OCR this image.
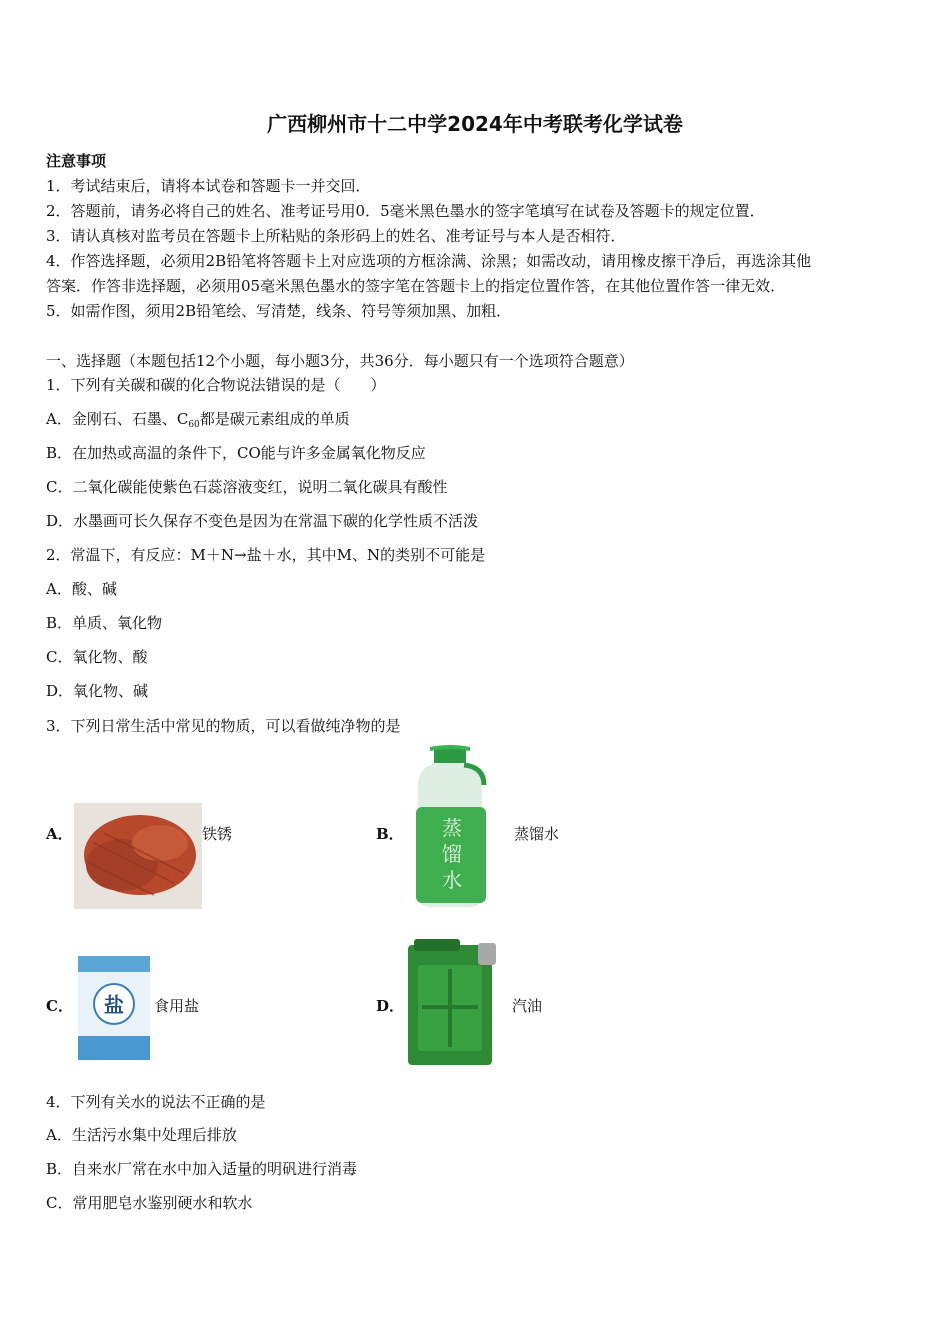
广西柳州市十二中学2024年中考联考化学试卷
注意事项
1．考试结束后，请将本试卷和答题卡一并交回．
2．答题前，请务必将自己的姓名、准考证号用0．5毫米黑色墨水的签字笔填写在试卷及答题卡的规定位置．
3．请认真核对监考员在答题卡上所粘贴的条形码上的姓名、准考证号与本人是否相符．
4．作答选择题，必须用2B铅笔将答题卡上对应选项的方框涂满、涂黑；如需改动，请用橡皮擦干净后，再选涂其他
答案．作答非选择题，必须用05毫米黑色墨水的签字笔在答题卡上的指定位置作答，在其他位置作答一律无效．
5．如需作图，须用2B铅笔绘、写清楚，线条、符号等须加黑、加粗．
一、选择题（本题包括12个小题，每小题3分，共36分．每小题只有一个选项符合题意）
1．下列有关碳和碳的化合物说法错误的是（　　）
A．金刚石、石墨、$C_{60}$都是碳元素组成的单质
B．在加热或高温的条件下，CO能与许多金属氧化物反应
C．二氧化碳能使紫色石蕊溶液变红，说明二氧化碳具有酸性
D．水墨画可长久保存不变色是因为在常温下碳的化学性质不活泼
2．常温下，有反应：M＋N→盐＋水，其中M、N的类别不可能是
A．酸、碱
B．单质、氧化物
C．氧化物、酸
D．氧化物、碱
3．下列日常生活中常见的物质，可以看做纯净物的是
A．	铁锈	B． 蒸
馏
水
蒸馏水
C． 盐 食用盐	D．	汽油
4．下列有关水的说法不正确的是
A．生活污水集中处理后排放
B．自来水厂常在水中加入适量的明矾进行消毒
C．常用肥皂水鉴别硬水和软水
